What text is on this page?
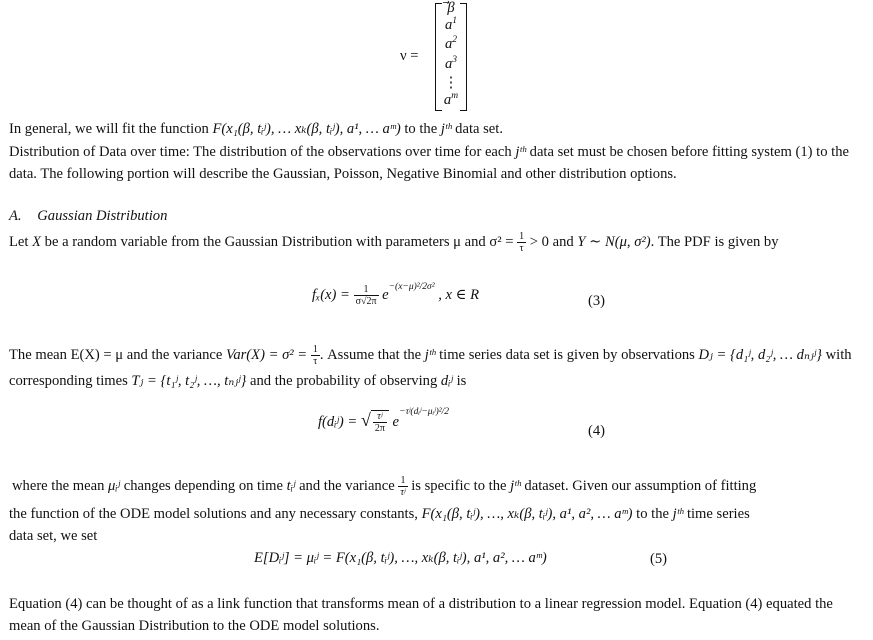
ν =
⃗ β
$a^1$
$a^2$
$a^3$
⋮
$a^m$
In general, we will fit the function F(x₁(β, tᵢʲ), … xₖ(β, tᵢʲ), a¹, … aᵐ) to the jᵗʰ data set.
Distribution of Data over time: The distribution of the observations over time for each jᵗʰ data set must be chosen before fitting system (1) to the data. The following portion will describe the Gaussian, Poisson, Negative Binomial and other distribution options.
A. Gaussian Distribution
Let X be a random variable from the Gaussian Distribution with parameters μ and $\sigma^2 = \frac{1}{\tau} > 0$ and Y ∼ N(μ, σ²). The PDF is given by
$f_x(x) = \frac{1}{\sigma√2\pi} e^{-(x-\mu)^2/2\sigma^2}$ , x ∈ R	(3)
The mean E(X) = μ and the variance $Var(X) = \sigma^2 = \frac{1}{\tau}$ . Assume that the jᵗʰ time series data set is given by observations Dⱼ = {d₁ʲ, d₂ʲ, … dₙⱼʲ} with corresponding times Tⱼ = {t₁ʲ, t₂ʲ, …, tₙⱼʲ} and the probability of observing dᵢʲ is
f(dᵢʲ) = √ $\frac{\text{τʲ}}{2\pi} e^{-\tau ʲ(dᵢʲ-\mu ᵢʲ)^2/2}$
(4)
where the mean μᵢʲ changes depending on time tᵢʲ and the variance $\frac{1}{\text{τʲ}}$ is specific to the jᵗʰ dataset. Given our assumption of fitting
the function of the ODE model solutions and any necessary constants, F(x₁(β, tᵢʲ), …, xₖ(β, tᵢʲ), a¹, a², … aᵐ) to the jᵗʰ time series
data set, we set
E[Dᵢʲ] = μᵢʲ = F(x₁(β, tᵢʲ), …, xₖ(β, tᵢʲ), a¹, a², … aᵐ)	(5)
Equation (4) can be thought of as a link function that transforms mean of a distribution to a linear regression model. Equation (4) equated the mean of the Gaussian Distribution to the ODE model solutions.
